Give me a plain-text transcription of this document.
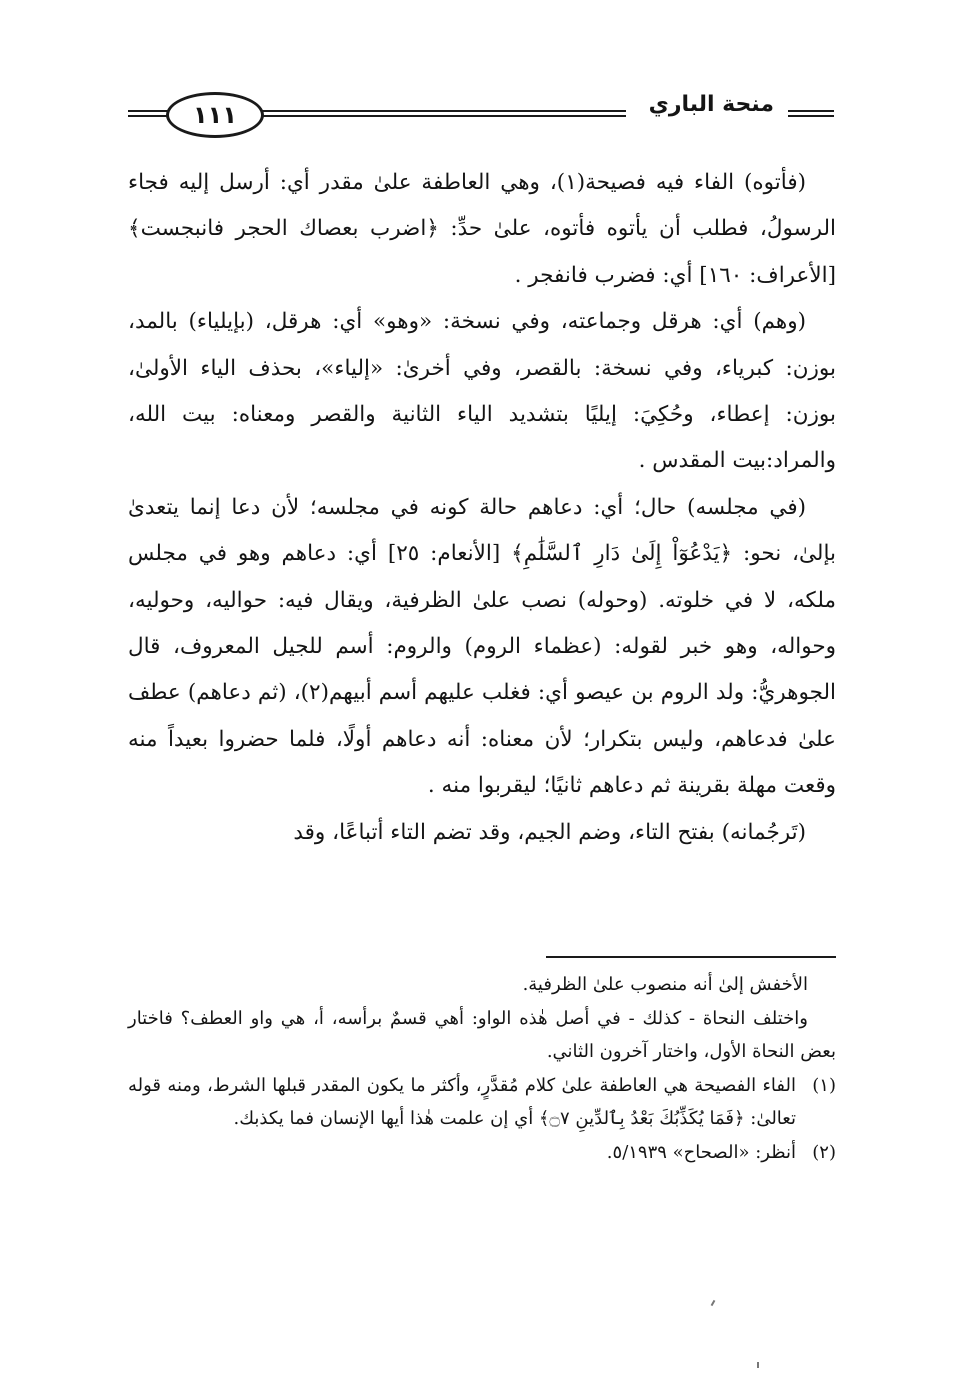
١١١	منحة الباري

(فأتوه) الفاء فيه فصيحة(١)، وهي العاطفة علىٰ مقدر أي: أرسل إليه فجاء الرسولُ، فطلب أن يأتوه فأتوه، علىٰ حدِّ: ﴿اضرب بعصاك الحجر فانبجست﴾ [الأعراف: ١٦٠] أي: فضرب فانفجر .

(وهم) أي: هرقل وجماعته، وفي نسخة: «وهو» أي: هرقل، (بإيلياء) بالمد، بوزن: كبرياء، وفي نسخة: بالقصر، وفي أخرىٰ: «إلياء»، بحذف الياء الأولىٰ، بوزن: إعطاء، وحُكِيَ: إيليًا بتشديد الياء الثانية والقصر ومعناه: بيت الله، والمراد:بيت المقدس .

(في مجلسه) حال؛ أي: دعاهم حالة كونه في مجلسه؛ لأن دعا إنما يتعدىٰ بإلىٰ، نحو: ﴿يَدْعُوٓاْ إِلَىٰ دَارِ ٱلسَّلَٰمِ﴾ [الأنعام: ٢٥] أي: دعاهم وهو في مجلس ملكه، لا في خلوته. (وحوله) نصب علىٰ الظرفية، ويقال فيه: حواليه، وحوليه، وحواله، وهو خبر لقوله: (عظماء الروم) والروم: أسم للجيل المعروف، قال الجوهريُّ: ولد الروم بن عيصو أي: فغلب عليهم أسم أبيهم(٢)، (ثم دعاهم) عطف علىٰ فدعاهم، وليس بتكرار؛ لأن معناه: أنه دعاهم أولًا، فلما حضروا بعيداً منه وقعت مهلة بقرينة ثم دعاهم ثانيًا؛ ليقربوا منه .

(تَرجُمانه) بفتح التاء، وضم الجيم، وقد تضم التاء أتباعًا، وقد

الأخفش إلىٰ أنه منصوب علىٰ الظرفية.

واختلف النحاة - كذلك - في أصل هٰذه الواو: أهي قسمٌ برأسه، أ، هي واو العطف؟ فاختار بعض النحاة الأول، واختار آخرون الثاني.

(١)
الفاء الفصيحة هي العاطفة علىٰ كلام مُقدَّرٍ، وأكثر ما يكون المقدر قبلها الشرط، ومنه قوله تعالىٰ: ﴿فَمَا يُكَذِّبُكَ بَعْدُ بِٱلدِّينِ ۝٧﴾ أي إن علمت هٰذا أيها الإنسان فما يكذبك.

(٢)
أنظر: «الصحاح» ٥/١٩٣٩.
